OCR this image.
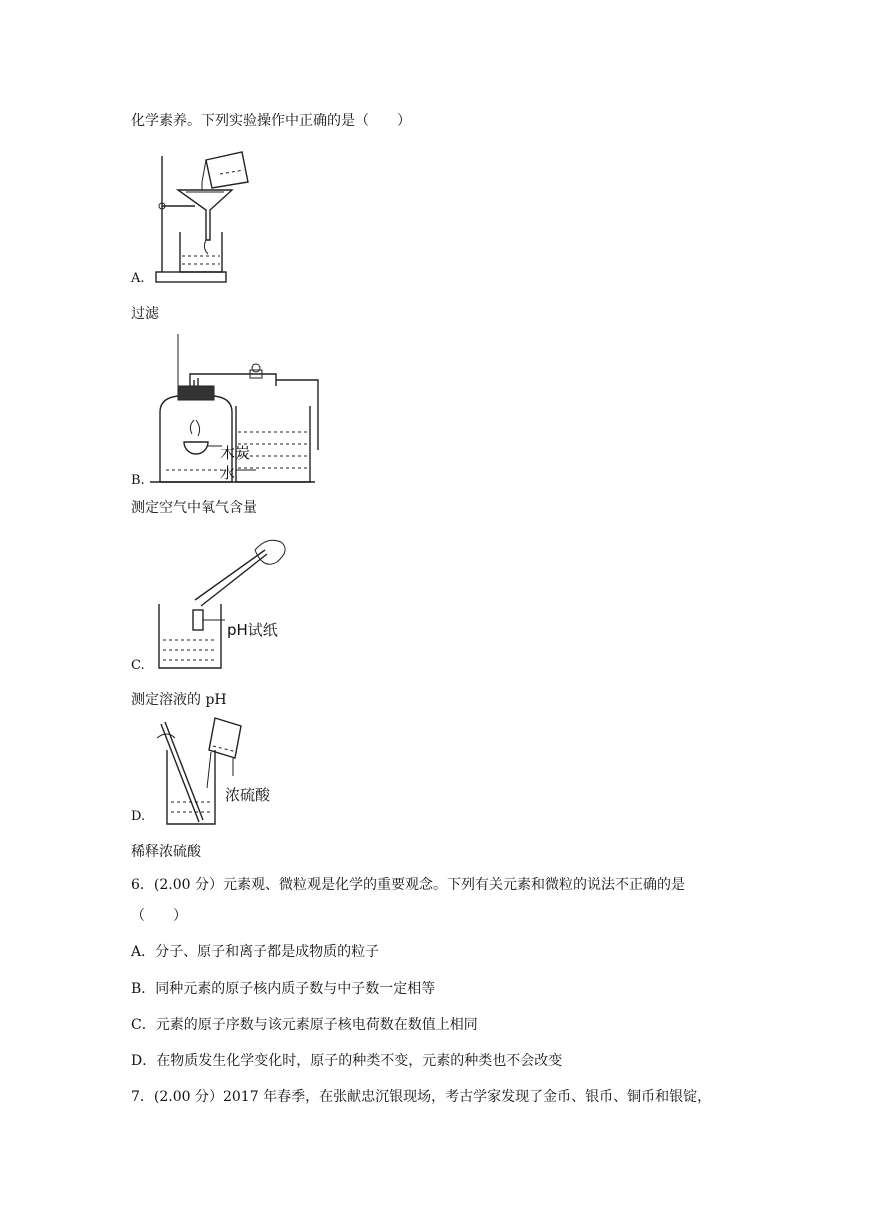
化学素养。下列实验操作中正确的是（　　）
A.
过滤
木炭
水
B.
测定空气中氧气含量
pH试纸
C.
测定溶液的 pH
浓硫酸
D.
稀释浓硫酸
6．(2.00 分）元素观、微粒观是化学的重要观念。下列有关元素和微粒的说法不正确的是
（　　）
A．分子、原子和离子都是成物质的粒子
B．同种元素的原子核内质子数与中子数一定相等
C．元素的原子序数与该元素原子核电荷数在数值上相同
D．在物质发生化学变化时，原子的种类不变，元素的种类也不会改变
7．(2.00 分）2017 年春季，在张献忠沉银现场，考古学家发现了金币、银币、铜币和银锭，
